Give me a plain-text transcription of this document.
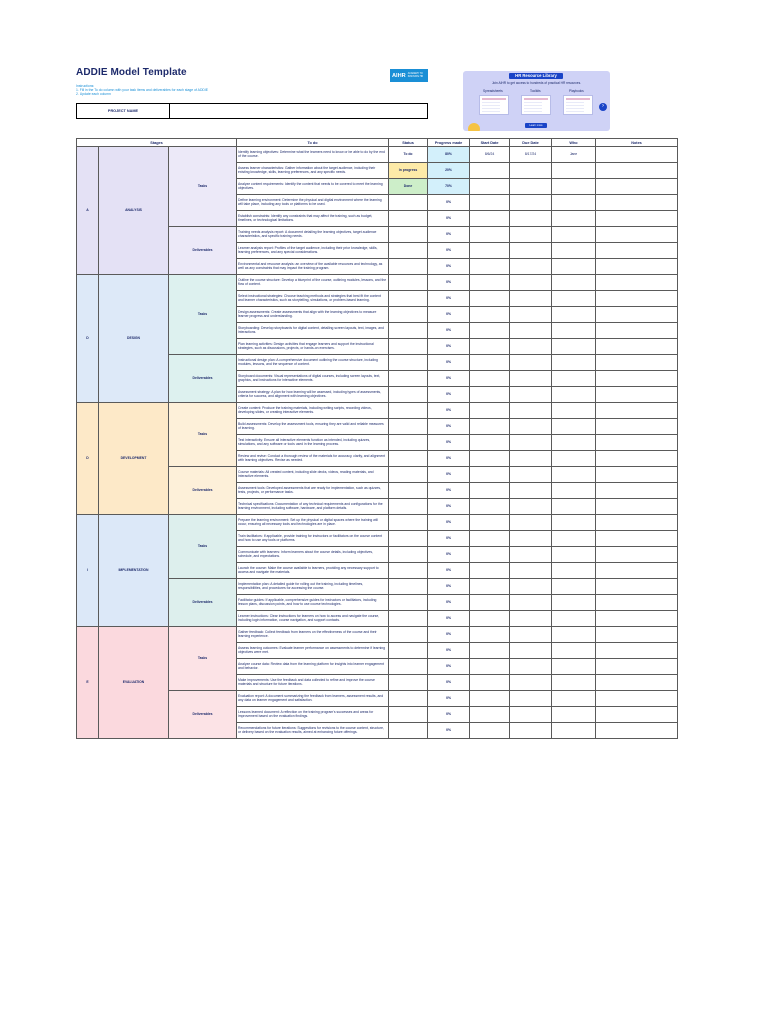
ADDIE Model Template
Instructions:
1. Fill in the To do column with your task items and deliverables for each stage of ADDIE
2. Update each column
AIHR ACADEMY TO
INNOVATE HR	HR Resource Library
Join AIHR to get access to hundreds of practical HR resources.
Spreadsheets	Toolkits	Playbooks
›
Learn more
PROJECT NAME
Stages			To do	Status	Progress made	Start Date	Due Date	Who	Notes
A	ANALYSIS	Tasks	Identify learning objectives: Determine what the learners need to know or be able to do by the end of the course.	To do	80%	8/6/24	8/17/24	Jane	
			Assess learner characteristics: Gather information about the target audience, including their existing knowledge, skills, learning preferences, and any specific needs.	In progress	20%				
			Analyze content requirements: Identify the content that needs to be covered to meet the learning objectives.	Done	70%				
			Define learning environment: Determine the physical and digital environment where the learning will take place, including any tools or platforms to be used.		0%				
			Establish constraints: Identify any constraints that may affect the training, such as budget, timelines, or technological limitations.		0%				
		Deliverables	Training needs analysis report: A document detailing the learning objectives, target audience characteristics, and specific training needs.		0%				
			Learner analysis report: Profiles of the target audience, including their prior knowledge, skills, learning preferences, and any special considerations.		0%				
			Environmental and resource analysis: an overview of the available resources and technology, as well as any constraints that may impact the training program.		0%				
D	DESIGN	Tasks	Outline the course structure: Develop a blueprint of the course, outlining modules, lessons, and the flow of content.		0%				
			Select instructional strategies: Choose teaching methods and strategies that best fit the content and learner characteristics, such as storytelling, simulations, or problem-based learning.		0%				
			Design assessments: Create assessments that align with the learning objectives to measure learner progress and understanding.		0%				
			Storyboarding: Develop storyboards for digital content, detailing screen layouts, text, images, and interactions.		0%				
			Plan learning activities: Design activities that engage learners and support the instructional strategies, such as discussions, projects, or hands-on exercises.		0%				
		Deliverables	Instructional design plan: A comprehensive document outlining the course structure, including modules, lessons, and the sequence of content.		0%				
			Storyboard documents: Visual representations of digital courses, including screen layouts, text, graphics, and instructions for interactive elements.		0%				
			Assessment strategy: A plan for how learning will be assessed, including types of assessments, criteria for success, and alignment with learning objectives.		0%				
D	DEVELOPMENT	Tasks	Create content: Produce the training materials, including writing scripts, recording videos, developing slides, or creating interactive elements.		0%				
			Build assessments: Develop the assessment tools, ensuring they are valid and reliable measures of learning.		0%				
			Test interactivity: Ensure all interactive elements function as intended, including quizzes, simulations, and any software or tools used in the learning process.		0%				
			Review and revise: Conduct a thorough review of the materials for accuracy, clarity, and alignment with learning objectives. Revise as needed.		0%				
		Deliverables	Course materials: All created content, including slide decks, videos, reading materials, and interactive elements.		0%				
			Assessment tools: Developed assessments that are ready for implementation, such as quizzes, tests, projects, or performance tasks.		0%				
			Technical specifications: Documentation of any technical requirements and configurations for the learning environment, including software, hardware, and platform details.		0%				
I	IMPLEMENTATION	Tasks	Prepare the learning environment: Set up the physical or digital spaces where the training will occur, ensuring all necessary tools and technologies are in place.		0%				
			Train facilitators: If applicable, provide training for instructors or facilitators on the course content and how to use any tools or platforms.		0%				
			Communicate with learners: Inform learners about the course details, including objectives, schedule, and expectations.		0%				
			Launch the course: Make the course available to learners, providing any necessary support to access and navigate the materials.		0%				
		Deliverables	Implementation plan: A detailed guide for rolling out the training, including timelines, responsibilities, and procedures for accessing the course.		0%				
			Facilitator guides: If applicable, comprehensive guides for instructors or facilitators, including lesson plans, discussion points, and how to use course technologies.		0%				
			Learner instructions: Clear instructions for learners on how to access and navigate the course, including login information, course navigation, and support contacts.		0%				
E	EVALUATION	Tasks	Gather feedback: Collect feedback from learners on the effectiveness of the course and their learning experience.		0%				
			Assess learning outcomes: Evaluate learner performance on assessments to determine if learning objectives were met.		0%				
			Analyze course data: Review data from the learning platform for insights into learner engagement and behavior.		0%				
			Make improvements: Use the feedback and data collected to refine and improve the course materials and structure for future iterations.		0%				
		Deliverables	Evaluation report: A document summarizing the feedback from learners, assessment results, and any data on learner engagement and satisfaction.		0%				
			Lessons learned document: A reflection on the training program's successes and areas for improvement based on the evaluation findings.		0%				
			Recommendations for future iterations: Suggestions for revisions to the course content, structure, or delivery based on the evaluation results, aimed at enhancing future offerings.		0%				
